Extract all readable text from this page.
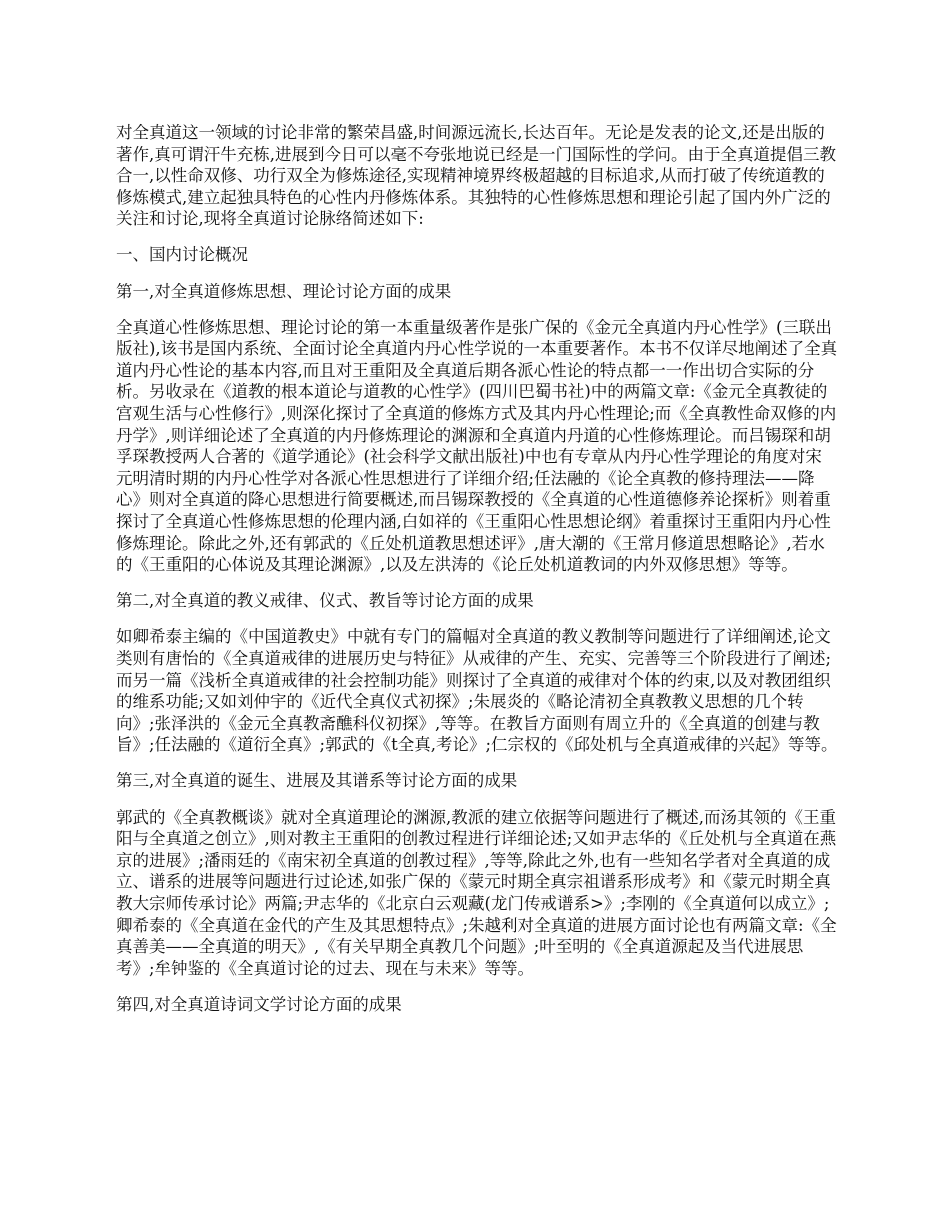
对全真道这一领域的讨论非常的繁荣昌盛,时间源远流长,长达百年。无论是发表的论文,还是出版的著作,真可谓汗牛充栋,进展到今日可以毫不夸张地说已经是一门国际性的学问。由于全真道提倡三教合一,以性命双修、功行双全为修炼途径,实现精神境界终极超越的目标追求,从而打破了传统道教的修炼模式,建立起独具特色的心性内丹修炼体系。其独特的心性修炼思想和理论引起了国内外广泛的关注和讨论,现将全真道讨论脉络简述如下:

一、国内讨论概况

第一,对全真道修炼思想、理论讨论方面的成果

全真道心性修炼思想、理论讨论的第一本重量级著作是张广保的《金元全真道内丹心性学》(三联出版社),该书是国内系统、全面讨论全真道内丹心性学说的一本重要著作。本书不仅详尽地阐述了全真道内丹心性论的基本内容,而且对王重阳及全真道后期各派心性论的特点都一一作出切合实际的分析。另收录在《道教的根本道论与道教的心性学》(四川巴蜀书社)中的两篇文章:《金元全真教徒的宫观生活与心性修行》,则深化探讨了全真道的修炼方式及其内丹心性理论;而《全真教性命双修的内丹学》,则详细论述了全真道的内丹修炼理论的渊源和全真道内丹道的心性修炼理论。而吕锡琛和胡孚琛教授两人合著的《道学通论》(社会科学文献出版社)中也有专章从内丹心性学理论的角度对宋元明清时期的内丹心性学对各派心性思想进行了详细介绍;任法融的《论全真教的修持理法——降心》则对全真道的降心思想进行简要概述,而吕锡琛教授的《全真道的心性道德修养论探析》则着重探讨了全真道心性修炼思想的伦理内涵,白如祥的《王重阳心性思想论纲》着重探讨王重阳内丹心性修炼理论。除此之外,还有郭武的《丘处机道教思想述评》,唐大潮的《王常月修道思想略论》,若水的《王重阳的心体说及其理论渊源》,以及左洪涛的《论丘处机道教词的内外双修思想》等等。

第二,对全真道的教义戒律、仪式、教旨等讨论方面的成果

如卿希泰主编的《中国道教史》中就有专门的篇幅对全真道的教义教制等问题进行了详细阐述,论文类则有唐怡的《全真道戒律的进展历史与特征》从戒律的产生、充实、完善等三个阶段进行了阐述;而另一篇《浅析全真道戒律的社会控制功能》则探讨了全真道的戒律对个体的约束,以及对教团组织的维系功能;又如刘仲宇的《近代全真仪式初探》;朱展炎的《略论清初全真教教义思想的几个转向》;张泽洪的《金元全真教斋醮科仪初探》,等等。在教旨方面则有周立升的《全真道的创建与教旨》;任法融的《道衍全真》;郭武的《t全真,考论》;仁宗权的《邱处机与全真道戒律的兴起》等等。

第三,对全真道的诞生、进展及其谱系等讨论方面的成果

郭武的《全真教概谈》就对全真道理论的渊源,教派的建立依据等问题进行了概述,而汤其领的《王重阳与全真道之创立》,则对教主王重阳的创教过程进行详细论述;又如尹志华的《丘处机与全真道在燕京的进展》;潘雨廷的《南宋初全真道的创教过程》,等等,除此之外,也有一些知名学者对全真道的成立、谱系的进展等问题进行过论述,如张广保的《蒙元时期全真宗祖谱系形成考》和《蒙元时期全真教大宗师传承讨论》两篇;尹志华的《北京白云观藏(龙门传戒谱系>》;李刚的《全真道何以成立》;卿希泰的《全真道在金代的产生及其思想特点》;朱越利对全真道的进展方面讨论也有两篇文章:《全真善美——全真道的明天》,《有关早期全真教几个问题》;叶至明的《全真道源起及当代进展思考》;牟钟鉴的《全真道讨论的过去、现在与未来》等等。

第四,对全真道诗词文学讨论方面的成果
